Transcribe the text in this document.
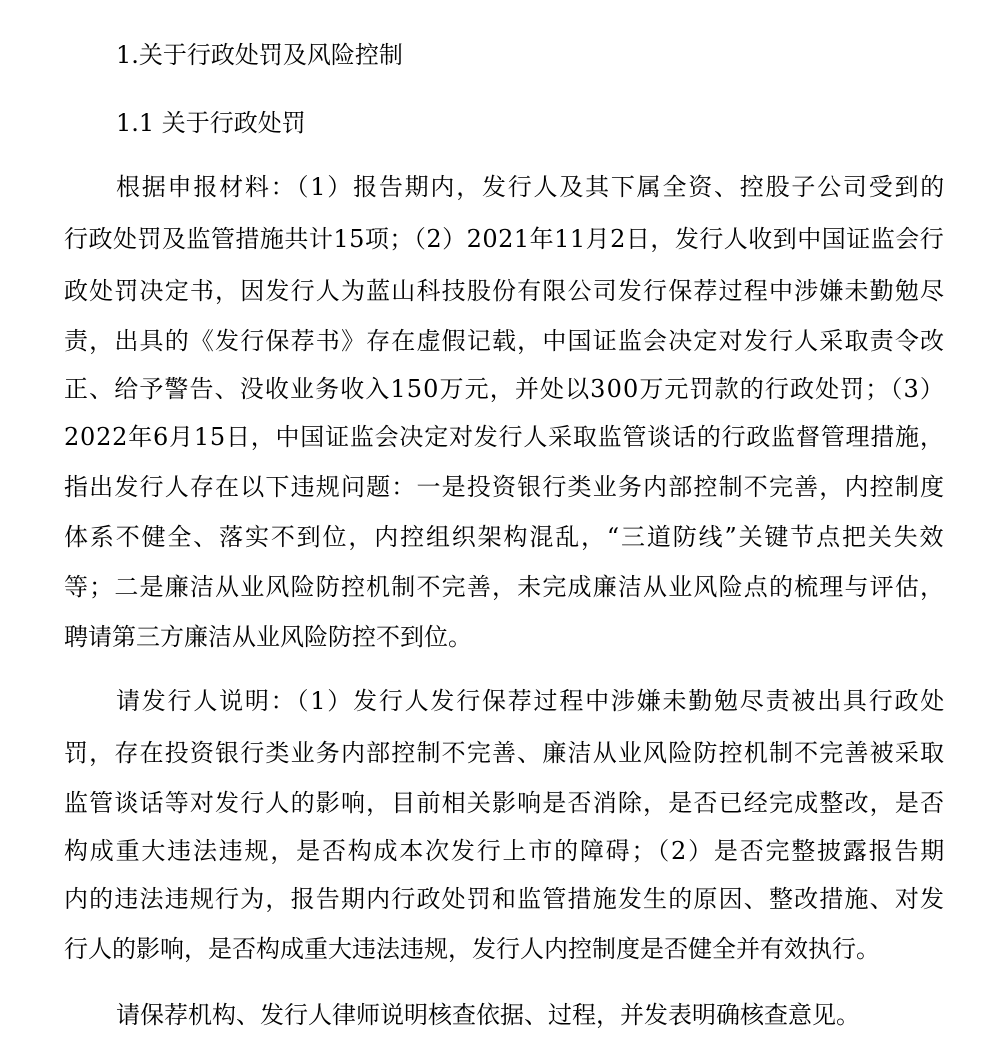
1.关于行政处罚及风险控制
1.1 关于行政处罚
根据申报材料：（1）报告期内，发行人及其下属全资、控股子公司受到的
行政处罚及监管措施共计15项；（2）2021年11月2日，发行人收到中国证监会行
政处罚决定书，因发行人为蓝山科技股份有限公司发行保荐过程中涉嫌未勤勉尽
责，出具的《发行保荐书》存在虚假记载，中国证监会决定对发行人采取责令改
正、给予警告、没收业务收入150万元，并处以300万元罚款的行政处罚；（3）
2022年6月15日，中国证监会决定对发行人采取监管谈话的行政监督管理措施，
指出发行人存在以下违规问题：一是投资银行类业务内部控制不完善，内控制度
体系不健全、落实不到位，内控组织架构混乱，“三道防线”关键节点把关失效
等；二是廉洁从业风险防控机制不完善，未完成廉洁从业风险点的梳理与评估，
聘请第三方廉洁从业风险防控不到位。
请发行人说明：（1）发行人发行保荐过程中涉嫌未勤勉尽责被出具行政处
罚，存在投资银行类业务内部控制不完善、廉洁从业风险防控机制不完善被采取
监管谈话等对发行人的影响，目前相关影响是否消除，是否已经完成整改，是否
构成重大违法违规，是否构成本次发行上市的障碍；（2）是否完整披露报告期
内的违法违规行为，报告期内行政处罚和监管措施发生的原因、整改措施、对发
行人的影响，是否构成重大违法违规，发行人内控制度是否健全并有效执行。
请保荐机构、发行人律师说明核查依据、过程，并发表明确核查意见。
